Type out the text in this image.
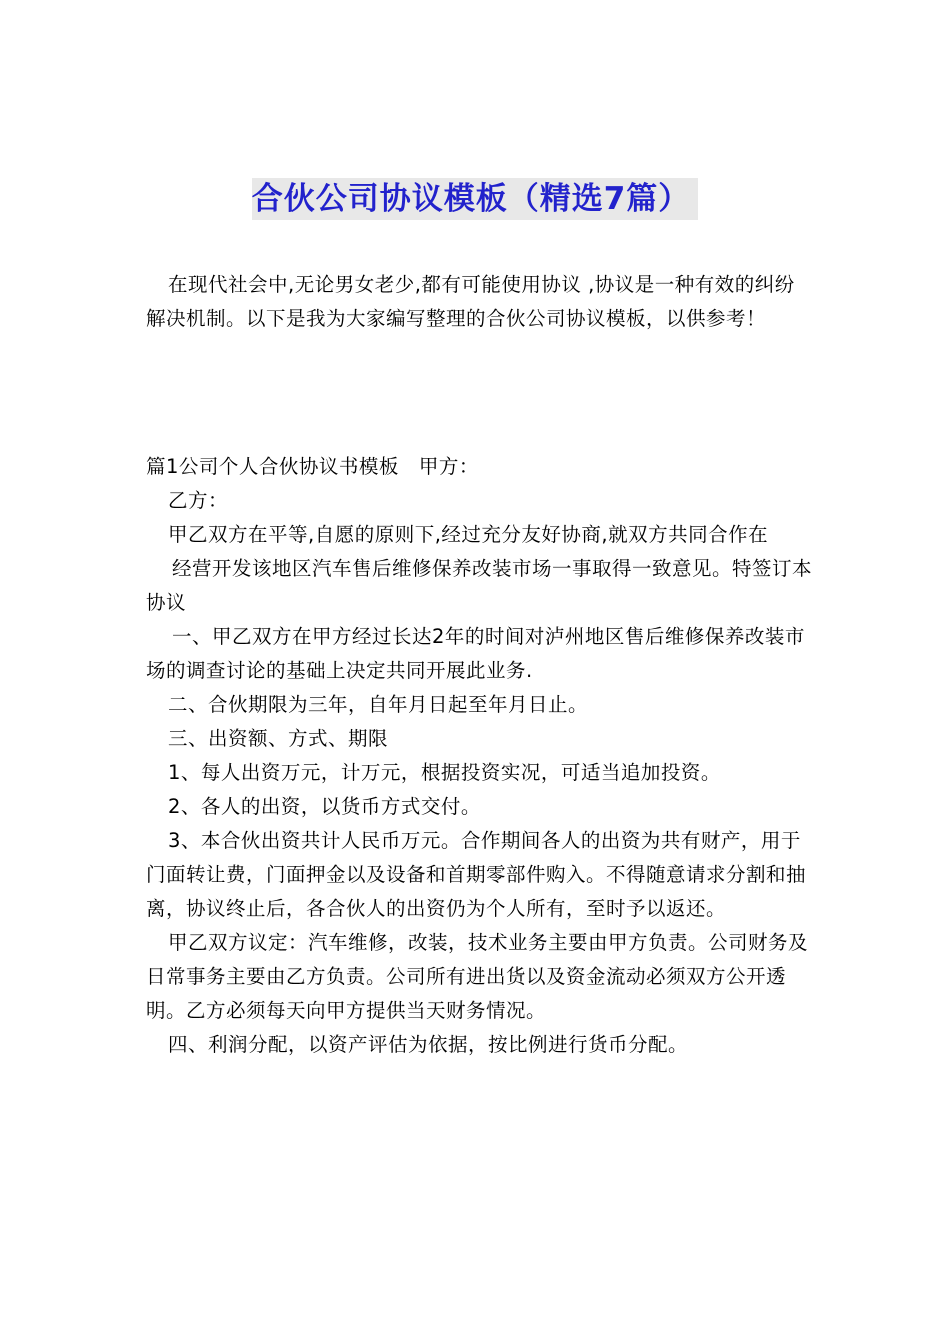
合伙公司协议模板（精选7篇）

在现代社会中,无论男女老少,都有可能使用协议 ,协议是一种有效的纠纷解决机制。以下是我为大家编写整理的合伙公司协议模板，以供参考！

篇1公司个人合伙协议书模板　甲方：

乙方：

甲乙双方在平等,自愿的原则下,经过充分友好协商,就双方共同合作在

经营开发该地区汽车售后维修保养改装市场一事取得一致意见。特签订本协议

一、甲乙双方在甲方经过长达2年的时间对泸州地区售后维修保养改装市场的调查讨论的基础上决定共同开展此业务.

二、合伙期限为三年，自年月日起至年月日止。

三、出资额、方式、期限

1、每人出资万元，计万元，根据投资实况，可适当追加投资。

2、各人的出资，以货币方式交付。

3、本合伙出资共计人民币万元。合作期间各人的出资为共有财产，用于门面转让费，门面押金以及设备和首期零部件购入。不得随意请求分割和抽离，协议终止后，各合伙人的出资仍为个人所有，至时予以返还。

甲乙双方议定：汽车维修，改装，技术业务主要由甲方负责。公司财务及日常事务主要由乙方负责。公司所有进出货以及资金流动必须双方公开透明。乙方必须每天向甲方提供当天财务情况。

四、利润分配，以资产评估为依据，按比例进行货币分配。
